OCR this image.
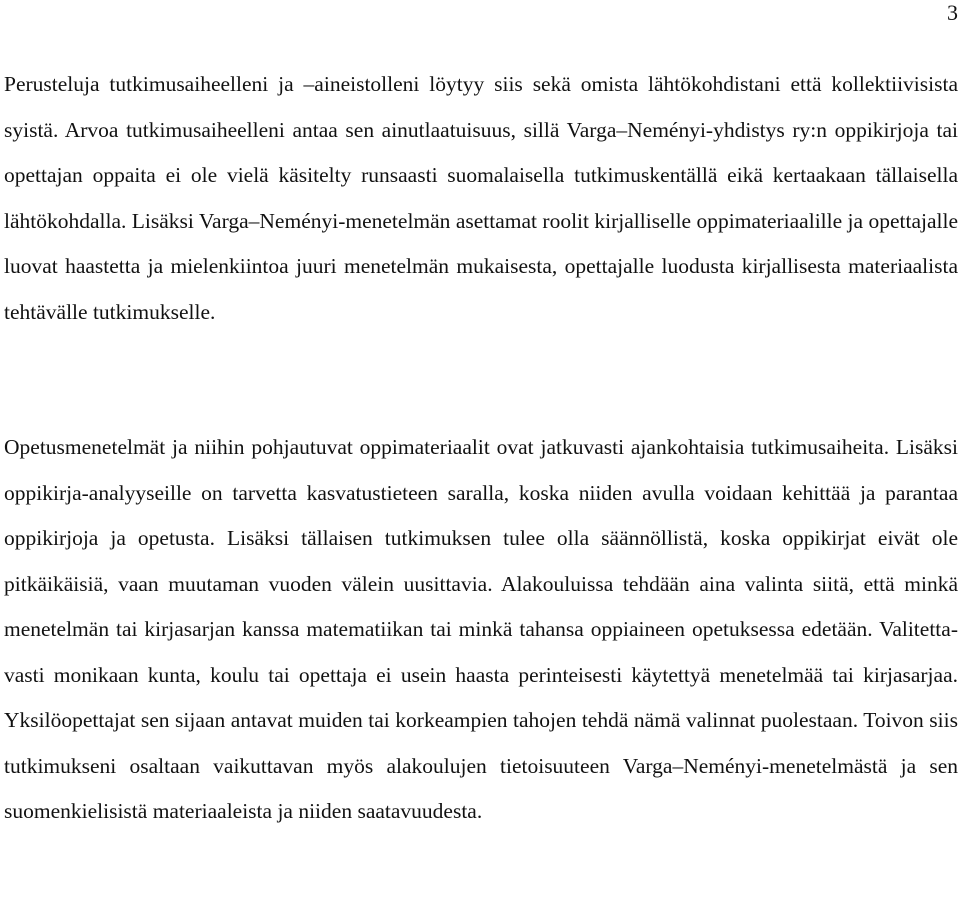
3

Perusteluja tutkimusaiheelleni ja –aineistolleni löytyy siis sekä omista lähtökohdistani että kollektiivisista syistä. Arvoa tutkimusaiheelleni antaa sen ainutlaatuisuus, sillä Varga–Neményi-yhdistys ry:n oppikirjoja tai opettajan oppaita ei ole vielä käsitelty runsaasti suomalaisella tutkimuskentällä eikä kertaakaan tällaisella lähtökohdalla. Lisäksi Varga–Neményi-menetelmän asettamat roolit kirjalliselle oppimateriaalille ja opettajalle luovat haastetta ja mielenkiintoa juuri menetelmän mukaisesta, opettajalle luodusta kirjallisesta materiaalista tehtävälle tutkimukselle.

Opetusmenetelmät ja niihin pohjautuvat oppimateriaalit ovat jatkuvasti ajankohtaisia tutkimusaiheita. Lisäksi oppikirja-analyyseille on tarvetta kasvatustieteen saralla, koska niiden avulla voidaan kehittää ja parantaa oppikirjoja ja opetusta. Lisäksi tällaisen tutkimuksen tulee olla säännöllistä, koska oppikirjat eivät ole pitkäikäisiä, vaan muutaman vuoden välein uusittavia. Alakouluissa tehdään aina valinta siitä, että minkä menetelmän tai kirjasarjan kanssa matematiikan tai minkä tahansa oppiaineen opetuksessa edetään. Valitettavasti monikaan kunta, koulu tai opettaja ei usein haasta perinteisesti käytettyä menetelmää tai kirjasarjaa. Yksilöopettajat sen sijaan antavat muiden tai korkeampien tahojen tehdä nämä valinnat puolestaan. Toivon siis tutkimukseni osaltaan vaikuttavan myös alakoulujen tietoisuuteen Varga–Neményi-menetelmästä ja sen suomenkielisistä materiaaleista ja niiden saatavuudesta.
